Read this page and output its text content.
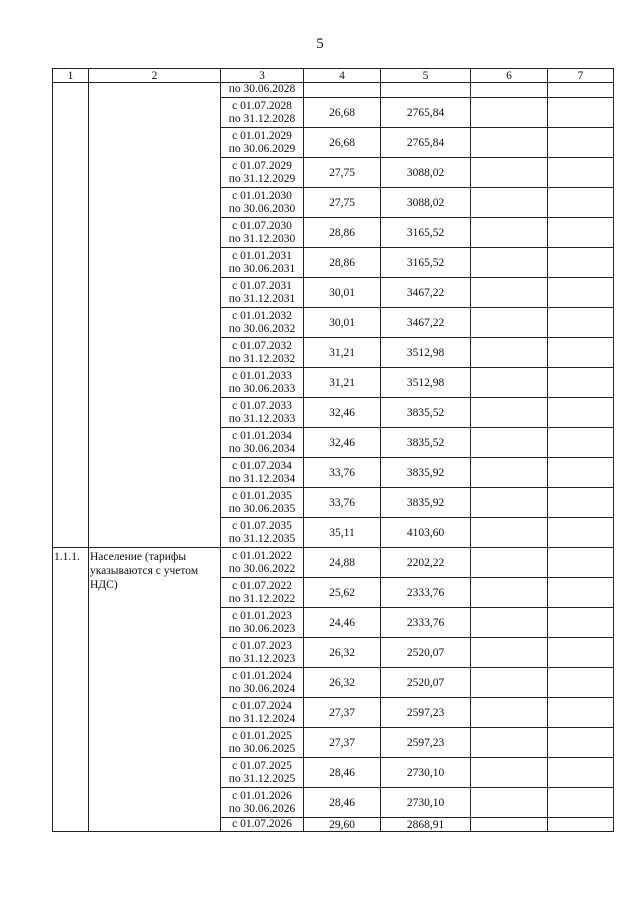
5
1	2	3	4	5	6	7

		по 30.06.2028				

		с 01.07.2028
по 31.12.2028	26,68	2765,84		

		с 01.01.2029
по 30.06.2029	26,68	2765,84		

		с 01.07.2029
по 31.12.2029	27,75	3088,02		

		с 01.01.2030
по 30.06.2030	27,75	3088,02		

		с 01.07.2030
по 31.12.2030	28,86	3165,52		

		с 01.01.2031
по 30.06.2031	28,86	3165,52		

		с 01.07.2031
по 31.12.2031	30,01	3467,22		

		с 01.01.2032
по 30.06.2032	30,01	3467,22		

		с 01.07.2032
по 31.12.2032	31,21	3512,98		

		с 01.01.2033
по 30.06.2033	31,21	3512,98		

		с 01.07.2033
по 31.12.2033	32,46	3835,52		

		с 01.01.2034
по 30.06.2034	32,46	3835,52		

		с 01.07.2034
по 31.12.2034	33,76	3835,92		

		с 01.01.2035
по 30.06.2035	33,76	3835,92		

		с 01.07.2035
по 31.12.2035	35,11	4103,60		

1.1.1.	Население (тарифы указываются с учетом НДС)	с 01.01.2022
по 30.06.2022	24,88	2202,22		

		с 01.07.2022
по 31.12.2022	25,62	2333,76		

		с 01.01.2023
по 30.06.2023	24,46	2333,76		

		с 01.07.2023
по 31.12.2023	26,32	2520,07		

		с 01.01.2024
по 30.06.2024	26,32	2520,07		

		с 01.07.2024
по 31.12.2024	27,37	2597,23		

		с 01.01.2025
по 30.06.2025	27,37	2597,23		

		с 01.07.2025
по 31.12.2025	28,46	2730,10		

		с 01.01.2026
по 30.06.2026	28,46	2730,10		

		с 01.07.2026	29,60	2868,91		
